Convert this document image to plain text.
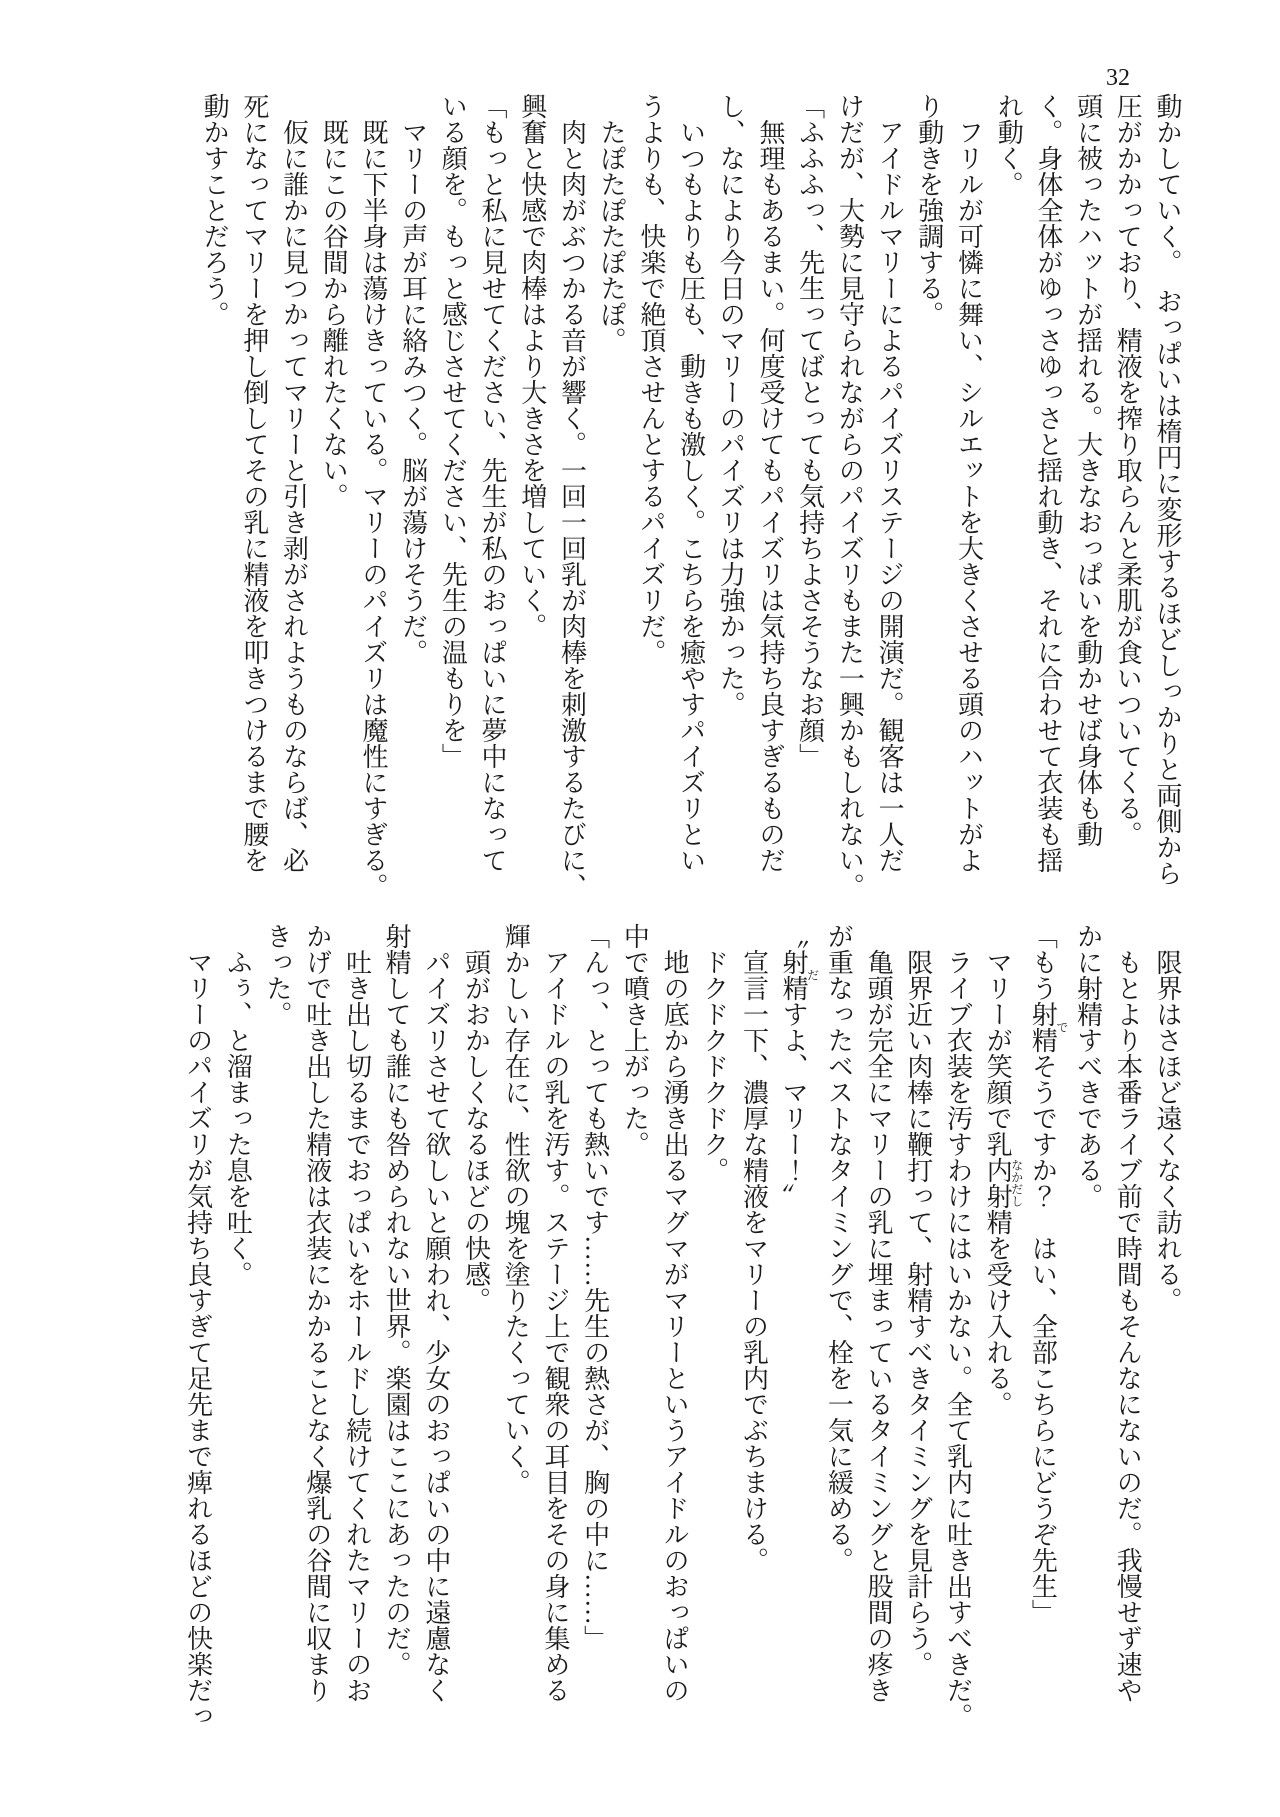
32

動かしていく。　おっぱいは楕円に変形するほどしっかりと両側から

圧がかかっており、精液を搾り取らんと柔肌が食いついてくる。

頭に被ったハットが揺れる。大きなおっぱいを動かせば身体も動

く。身体全体がゆっさゆっさと揺れ動き、それに合わせて衣装も揺

れ動く。

　フリルが可憐に舞い、シルエットを大きくさせる頭のハットがよ

り動きを強調する。

　アイドルマリーによるパイズリステージの開演だ。観客は一人だ

けだが、大勢に見守られながらのパイズリもまた一興かもしれない。

「ふふふっ、先生ってばとっても気持ちよさそうなお顔」

　無理もあるまい。何度受けてもパイズリは気持ち良すぎるものだ

し、なにより今日のマリーのパイズリは力強かった。

　いつもよりも圧も、動きも激しく。こちらを癒やすパイズリとい

うよりも、快楽で絶頂させんとするパイズリだ。

　たぽたぽたぽたぽ。

　肉と肉がぶつかる音が響く。一回一回乳が肉棒を刺激するたびに、

興奮と快感で肉棒はより大きさを増していく。

「もっと私に見せてください、先生が私のおっぱいに夢中になって

いる顔を。もっと感じさせてください、先生の温もりを」

　マリーの声が耳に絡みつく。脳が蕩けそうだ。

　既に下半身は蕩けきっている。マリーのパイズリは魔性にすぎる。

　既にこの谷間から離れたくない。

　仮に誰かに見つかってマリーと引き剥がされようものならば、必

死になってマリーを押し倒してその乳に精液を叩きつけるまで腰を

動かすことだろう。

　限界はさほど遠くなく訪れる。

　もとより本番ライブ前で時間もそんなにないのだ。我慢せず速や

かに射精すべきである。

「もう射精でそうですか？　はい、全部こちらにどうぞ先生」

　マリーが笑顔で乳内射精なかだしを受け入れる。

　ライブ衣装を汚すわけにはいかない。全て乳内に吐き出すべきだ。

　限界近い肉棒に鞭打って、射精すべきタイミングを見計らう。

　亀頭が完全にマリーの乳に埋まっているタイミングと股間の疼き

が重なったベストなタイミングで、栓を一気に緩める。

〝射精だすよ、マリー！〟

　宣言一下、濃厚な精液をマリーの乳内でぶちまける。

　ドクドクドクドク。

　地の底から湧き出るマグマがマリーというアイドルのおっぱいの

中で噴き上がった。

「んっ、とっても熱いです……先生の熱さが、胸の中に……」

　アイドルの乳を汚す。ステージ上で観衆の耳目をその身に集める

輝かしい存在に、性欲の塊を塗りたくっていく。

　頭がおかしくなるほどの快感。

　パイズリさせて欲しいと願われ、少女のおっぱいの中に遠慮なく

射精しても誰にも咎められない世界。楽園はここにあったのだ。

　吐き出し切るまでおっぱいをホールドし続けてくれたマリーのお

かげで吐き出した精液は衣装にかかることなく爆乳の谷間に収まり

きった。

　ふぅ、と溜まった息を吐く。

　マリーのパイズリが気持ち良すぎて足先まで痺れるほどの快楽だっ
